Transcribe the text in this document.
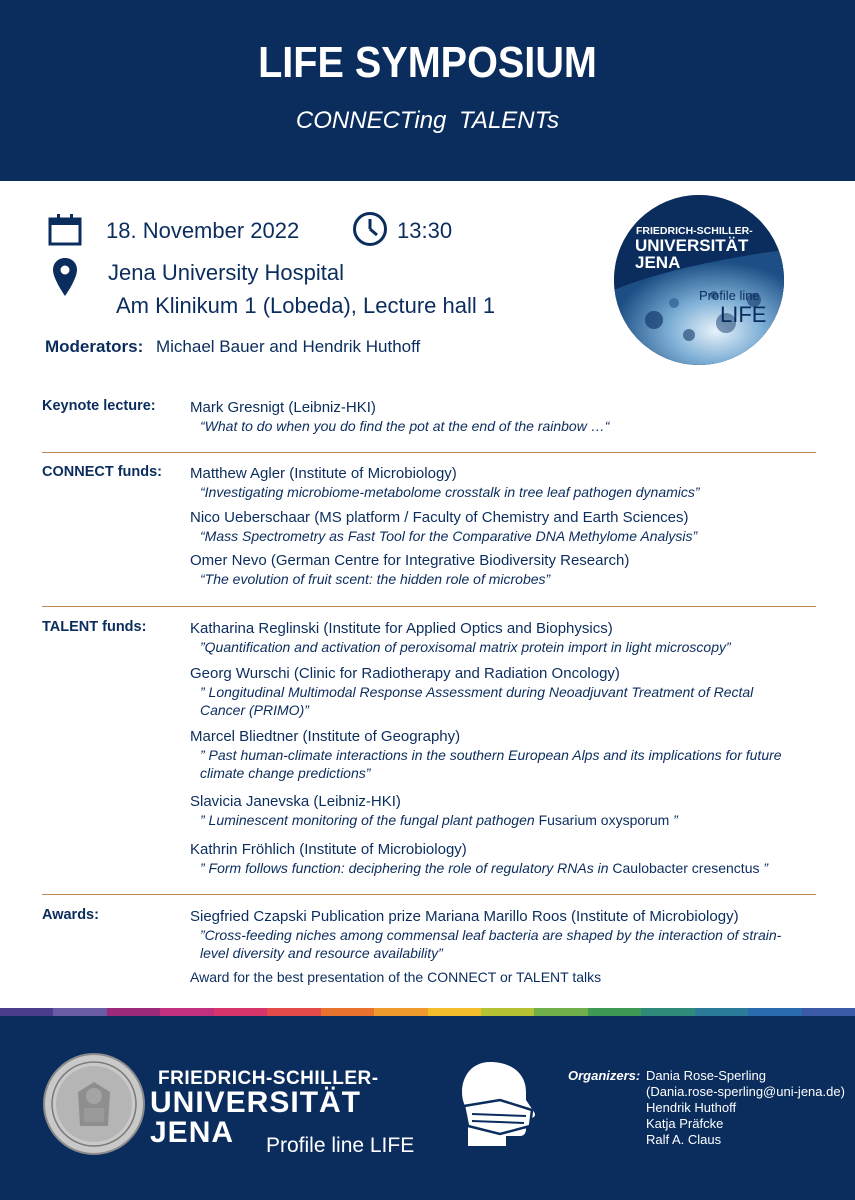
LIFE SYMPOSIUM
CONNECTing TALENTs
18. November 2022	13:30
Jena University Hospital
Am Klinikum 1 (Lobeda), Lecture hall 1
Moderators: Michael Bauer and Hendrik Huthoff
FRIEDRICH-SCHILLER-
UNIVERSITÄT
JENA
Profile line
LIFE
Keynote lecture: Mark Gresnigt (Leibniz-HKI)
“What to do when you do find the pot at the end of the rainbow …“
CONNECT funds: Matthew Agler (Institute of Microbiology)
“Investigating microbiome-metabolome crosstalk in tree leaf pathogen dynamics”
Nico Ueberschaar (MS platform / Faculty of Chemistry and Earth Sciences)
“Mass Spectrometry as Fast Tool for the Comparative DNA Methylome Analysis”
Omer Nevo (German Centre for Integrative Biodiversity Research)
“The evolution of fruit scent: the hidden role of microbes”
TALENT funds:	Katharina Reglinski (Institute for Applied Optics and Biophysics)
”Quantification and activation of peroxisomal matrix protein import in light microscopy”
Georg Wurschi (Clinic for Radiotherapy and Radiation Oncology)
” Longitudinal Multimodal Response Assessment during Neoadjuvant Treatment of Rectal Cancer (PRIMO)”
Marcel Bliedtner (Institute of Geography)
” Past human-climate interactions in the southern European Alps and its implications for future climate change predictions”
Slavicia Janevska (Leibniz-HKI)
” Luminescent monitoring of the fungal plant pathogen Fusarium oxysporum ”
Kathrin Fröhlich (Institute of Microbiology)
” Form follows function: deciphering the role of regulatory RNAs in Caulobacter cresenctus ”
Awards:	Siegfried Czapski Publication prize Mariana Marillo Roos (Institute of Microbiology)
”Cross-feeding niches among commensal leaf bacteria are shaped by the interaction of strain-level diversity and resource availability”
Award for the best presentation of the CONNECT or TALENT talks
FRIEDRICH-SCHILLER-
UNIVERSITÄT
JENA Profile line LIFE
Organizers: Dania Rose-Sperling
(Dania.rose-sperling@uni-jena.de)
Hendrik Huthoff
Katja Präfcke
Ralf A. Claus
